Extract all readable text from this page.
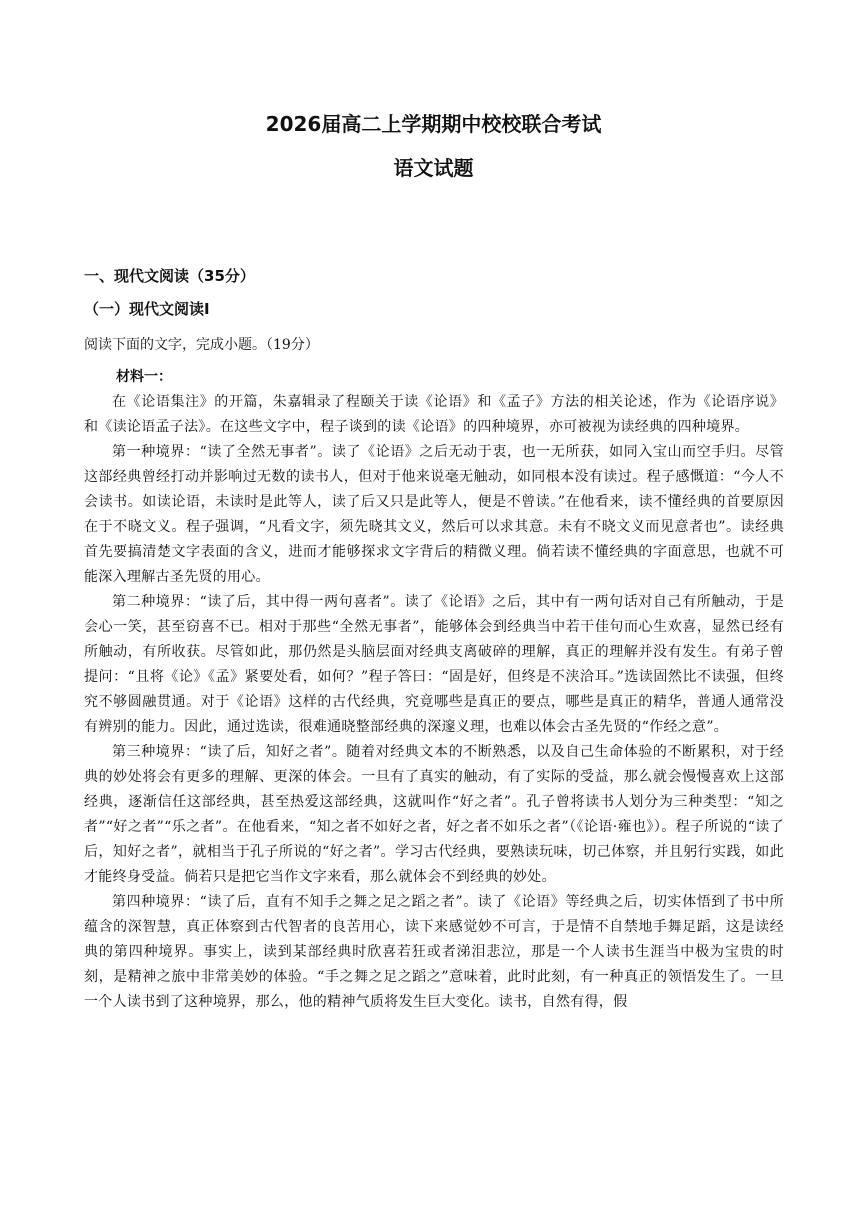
2026届高二上学期期中校校联合考试
语文试题
一、现代文阅读（35分）
（一）现代文阅读Ⅰ
阅读下面的文字，完成小题。（19分）
材料一：

在《论语集注》的开篇，朱嘉辑录了程颐关于读《论语》和《孟子》方法的相关论述，作为《论语序说》和《读论语孟子法》。在这些文字中，程子谈到的读《论语》的四种境界，亦可被视为读经典的四种境界。

第一种境界：“读了全然无事者”。读了《论语》之后无动于衷，也一无所获，如同入宝山而空手归。尽管这部经典曾经打动并影响过无数的读书人，但对于他来说毫无触动，如同根本没有读过。程子感慨道：“今人不会读书。如读论语，未读时是此等人，读了后又只是此等人，便是不曾读。”在他看来，读不懂经典的首要原因在于不晓文义。程子强调，“凡看文字，须先晓其文义，然后可以求其意。未有不晓文义而见意者也”。读经典首先要搞清楚文字表面的含义，进而才能够探求文字背后的精微义理。倘若读不懂经典的字面意思，也就不可能深入理解古圣先贤的用心。

第二种境界：“读了后，其中得一两句喜者”。读了《论语》之后，其中有一两句话对自己有所触动，于是会心一笑，甚至窃喜不已。相对于那些“全然无事者”，能够体会到经典当中若干佳句而心生欢喜，显然已经有所触动，有所收获。尽管如此，那仍然是头脑层面对经典支离破碎的理解，真正的理解并没有发生。有弟子曾提问：“且将《论》《孟》紧要处看，如何？”程子答曰：“固是好，但终是不浃洽耳。”选读固然比不读强，但终究不够圆融贯通。对于《论语》这样的古代经典，究竟哪些是真正的要点，哪些是真正的精华，普通人通常没有辨别的能力。因此，通过选读，很难通晓整部经典的深邃义理，也难以体会古圣先贤的“作经之意”。

第三种境界：“读了后，知好之者”。随着对经典文本的不断熟悉，以及自己生命体验的不断累积，对于经典的妙处将会有更多的理解、更深的体会。一旦有了真实的触动，有了实际的受益，那么就会慢慢喜欢上这部经典，逐渐信任这部经典，甚至热爱这部经典，这就叫作“好之者”。孔子曾将读书人划分为三种类型：“知之者”“好之者”“乐之者”。在他看来，“知之者不如好之者，好之者不如乐之者”（《论语·雍也》）。程子所说的“读了后，知好之者”，就相当于孔子所说的“好之者”。学习古代经典，要熟读玩味，切己体察，并且躬行实践，如此才能终身受益。倘若只是把它当作文字来看，那么就体会不到经典的妙处。

第四种境界：“读了后，直有不知手之舞之足之蹈之者”。读了《论语》等经典之后，切实体悟到了书中所蕴含的深智慧，真正体察到古代智者的良苦用心，读下来感觉妙不可言，于是情不自禁地手舞足蹈，这是读经典的第四种境界。事实上，读到某部经典时欣喜若狂或者涕泪悲泣，那是一个人读书生涯当中极为宝贵的时刻，是精神之旅中非常美妙的体验。“手之舞之足之蹈之”意味着，此时此刻，有一种真正的领悟发生了。一旦一个人读书到了这种境界，那么，他的精神气质将发生巨大变化。读书，自然有得，假
